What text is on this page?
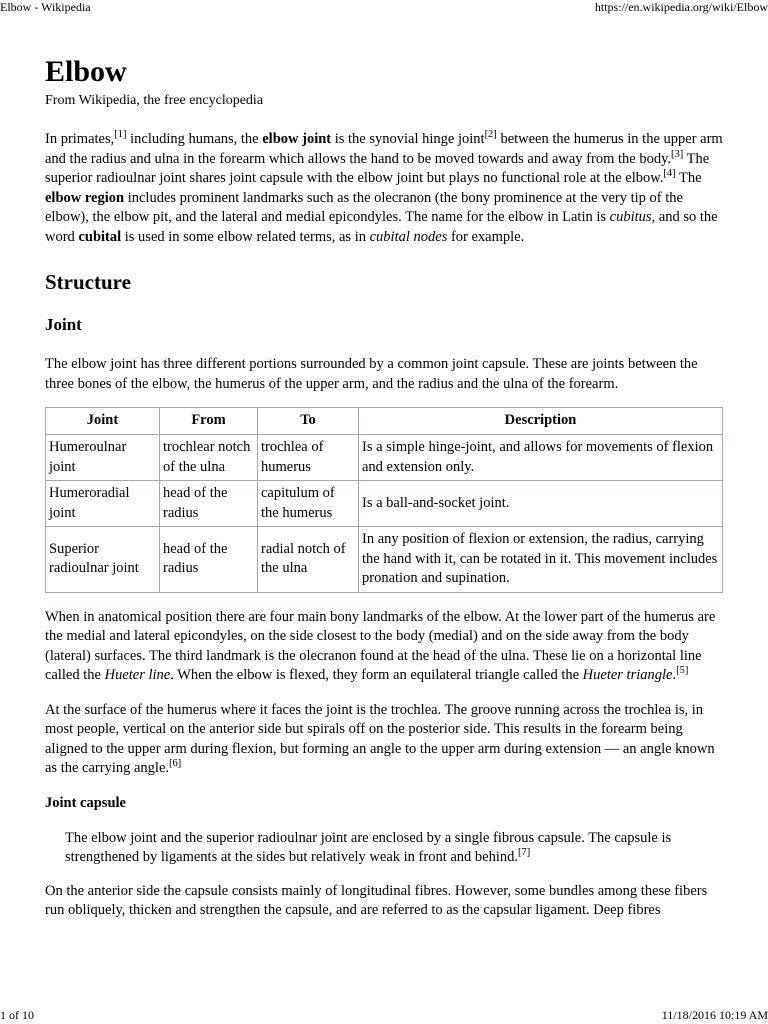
Elbow - Wikipedia	https://en.wikipedia.org/wiki/Elbow
Elbow
From Wikipedia, the free encyclopedia

In primates,[1] including humans, the elbow joint is the synovial hinge joint[2] between the humerus in the upper arm and the radius and ulna in the forearm which allows the hand to be moved towards and away from the body.[3] The superior radioulnar joint shares joint capsule with the elbow joint but plays no functional role at the elbow.[4] The elbow region includes prominent landmarks such as the olecranon (the bony prominence at the very tip of the elbow), the elbow pit, and the lateral and medial epicondyles. The name for the elbow in Latin is cubitus, and so the word cubital is used in some elbow related terms, as in cubital nodes for example.

Structure
Joint

The elbow joint has three different portions surrounded by a common joint capsule. These are joints between the three bones of the elbow, the humerus of the upper arm, and the radius and the ulna of the forearm.

Joint	From	To	Description
Humeroulnar joint	trochlear notch of the ulna	trochlea of humerus	Is a simple hinge-joint, and allows for movements of flexion and extension only.
Humeroradial joint	head of the radius	capitulum of the humerus	Is a ball-and-socket joint.
Superior radioulnar joint	head of the radius	radial notch of the ulna	In any position of flexion or extension, the radius, carrying the hand with it, can be rotated in it. This movement includes pronation and supination.

When in anatomical position there are four main bony landmarks of the elbow. At the lower part of the humerus are the medial and lateral epicondyles, on the side closest to the body (medial) and on the side away from the body (lateral) surfaces. The third landmark is the olecranon found at the head of the ulna. These lie on a horizontal line called the Hueter line. When the elbow is flexed, they form an equilateral triangle called the Hueter triangle.[5]

At the surface of the humerus where it faces the joint is the trochlea. The groove running across the trochlea is, in most people, vertical on the anterior side but spirals off on the posterior side. This results in the forearm being aligned to the upper arm during flexion, but forming an angle to the upper arm during extension — an angle known as the carrying angle.[6]

Joint capsule
The elbow joint and the superior radioulnar joint are enclosed by a single fibrous capsule. The capsule is strengthened by ligaments at the sides but relatively weak in front and behind.[7]

On the anterior side the capsule consists mainly of longitudinal fibres. However, some bundles among these fibers run obliquely, thicken and strengthen the capsule, and are referred to as the capsular ligament. Deep fibres

1 of 10	11/18/2016 10:19 AM
